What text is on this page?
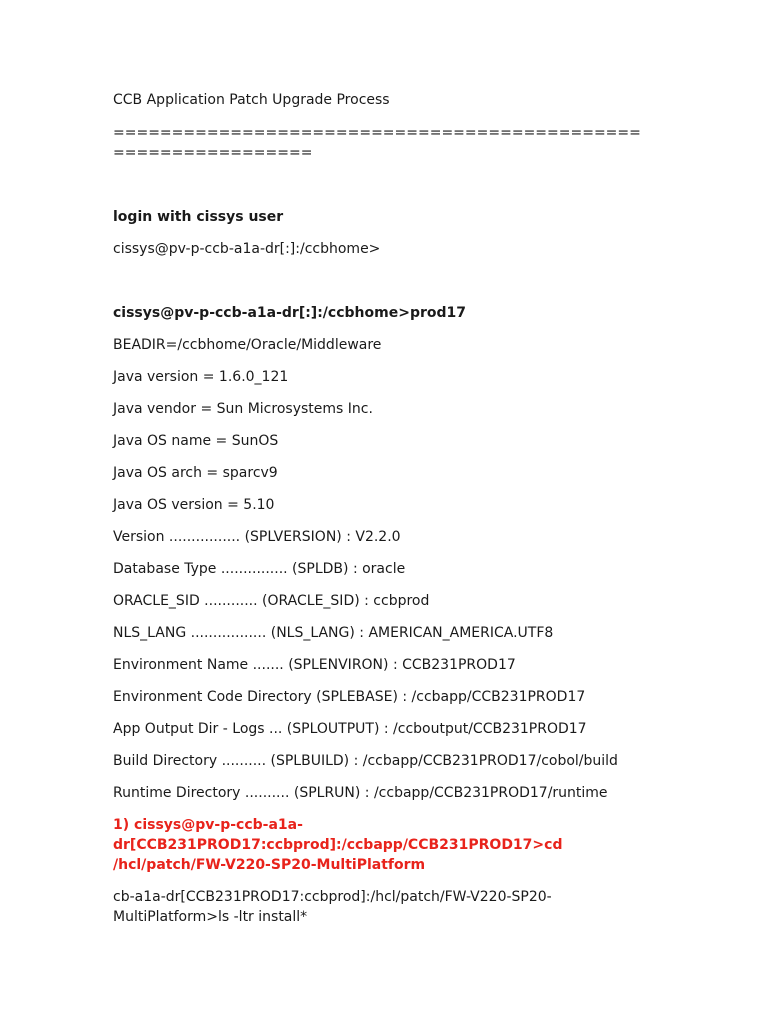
CCB Application Patch Upgrade Process

=============================================

=================

login with cissys user

cissys@pv-p-ccb-a1a-dr[:]:/ccbhome>

cissys@pv-p-ccb-a1a-dr[:]:/ccbhome>prod17

BEADIR=/ccbhome/Oracle/Middleware

Java version = 1.6.0_121

Java vendor = Sun Microsystems Inc.

Java OS name = SunOS

Java OS arch = sparcv9

Java OS version = 5.10

Version ................ (SPLVERSION) : V2.2.0

Database Type ............... (SPLDB) : oracle

ORACLE_SID ............ (ORACLE_SID) : ccbprod

NLS_LANG ................. (NLS_LANG) : AMERICAN_AMERICA.UTF8

Environment Name ....... (SPLENVIRON) : CCB231PROD17

Environment Code Directory (SPLEBASE) : /ccbapp/CCB231PROD17

App Output Dir - Logs ... (SPLOUTPUT) : /ccboutput/CCB231PROD17

Build Directory .......... (SPLBUILD) : /ccbapp/CCB231PROD17/cobol/build

Runtime Directory .......... (SPLRUN) : /ccbapp/CCB231PROD17/runtime

1) cissys@pv-p-ccb-a1a-

dr[CCB231PROD17:ccbprod]:/ccbapp/CCB231PROD17>cd

/hcl/patch/FW-V220-SP20-MultiPlatform

cb-a1a-dr[CCB231PROD17:ccbprod]:/hcl/patch/FW-V220-SP20-

MultiPlatform>ls -ltr install*
